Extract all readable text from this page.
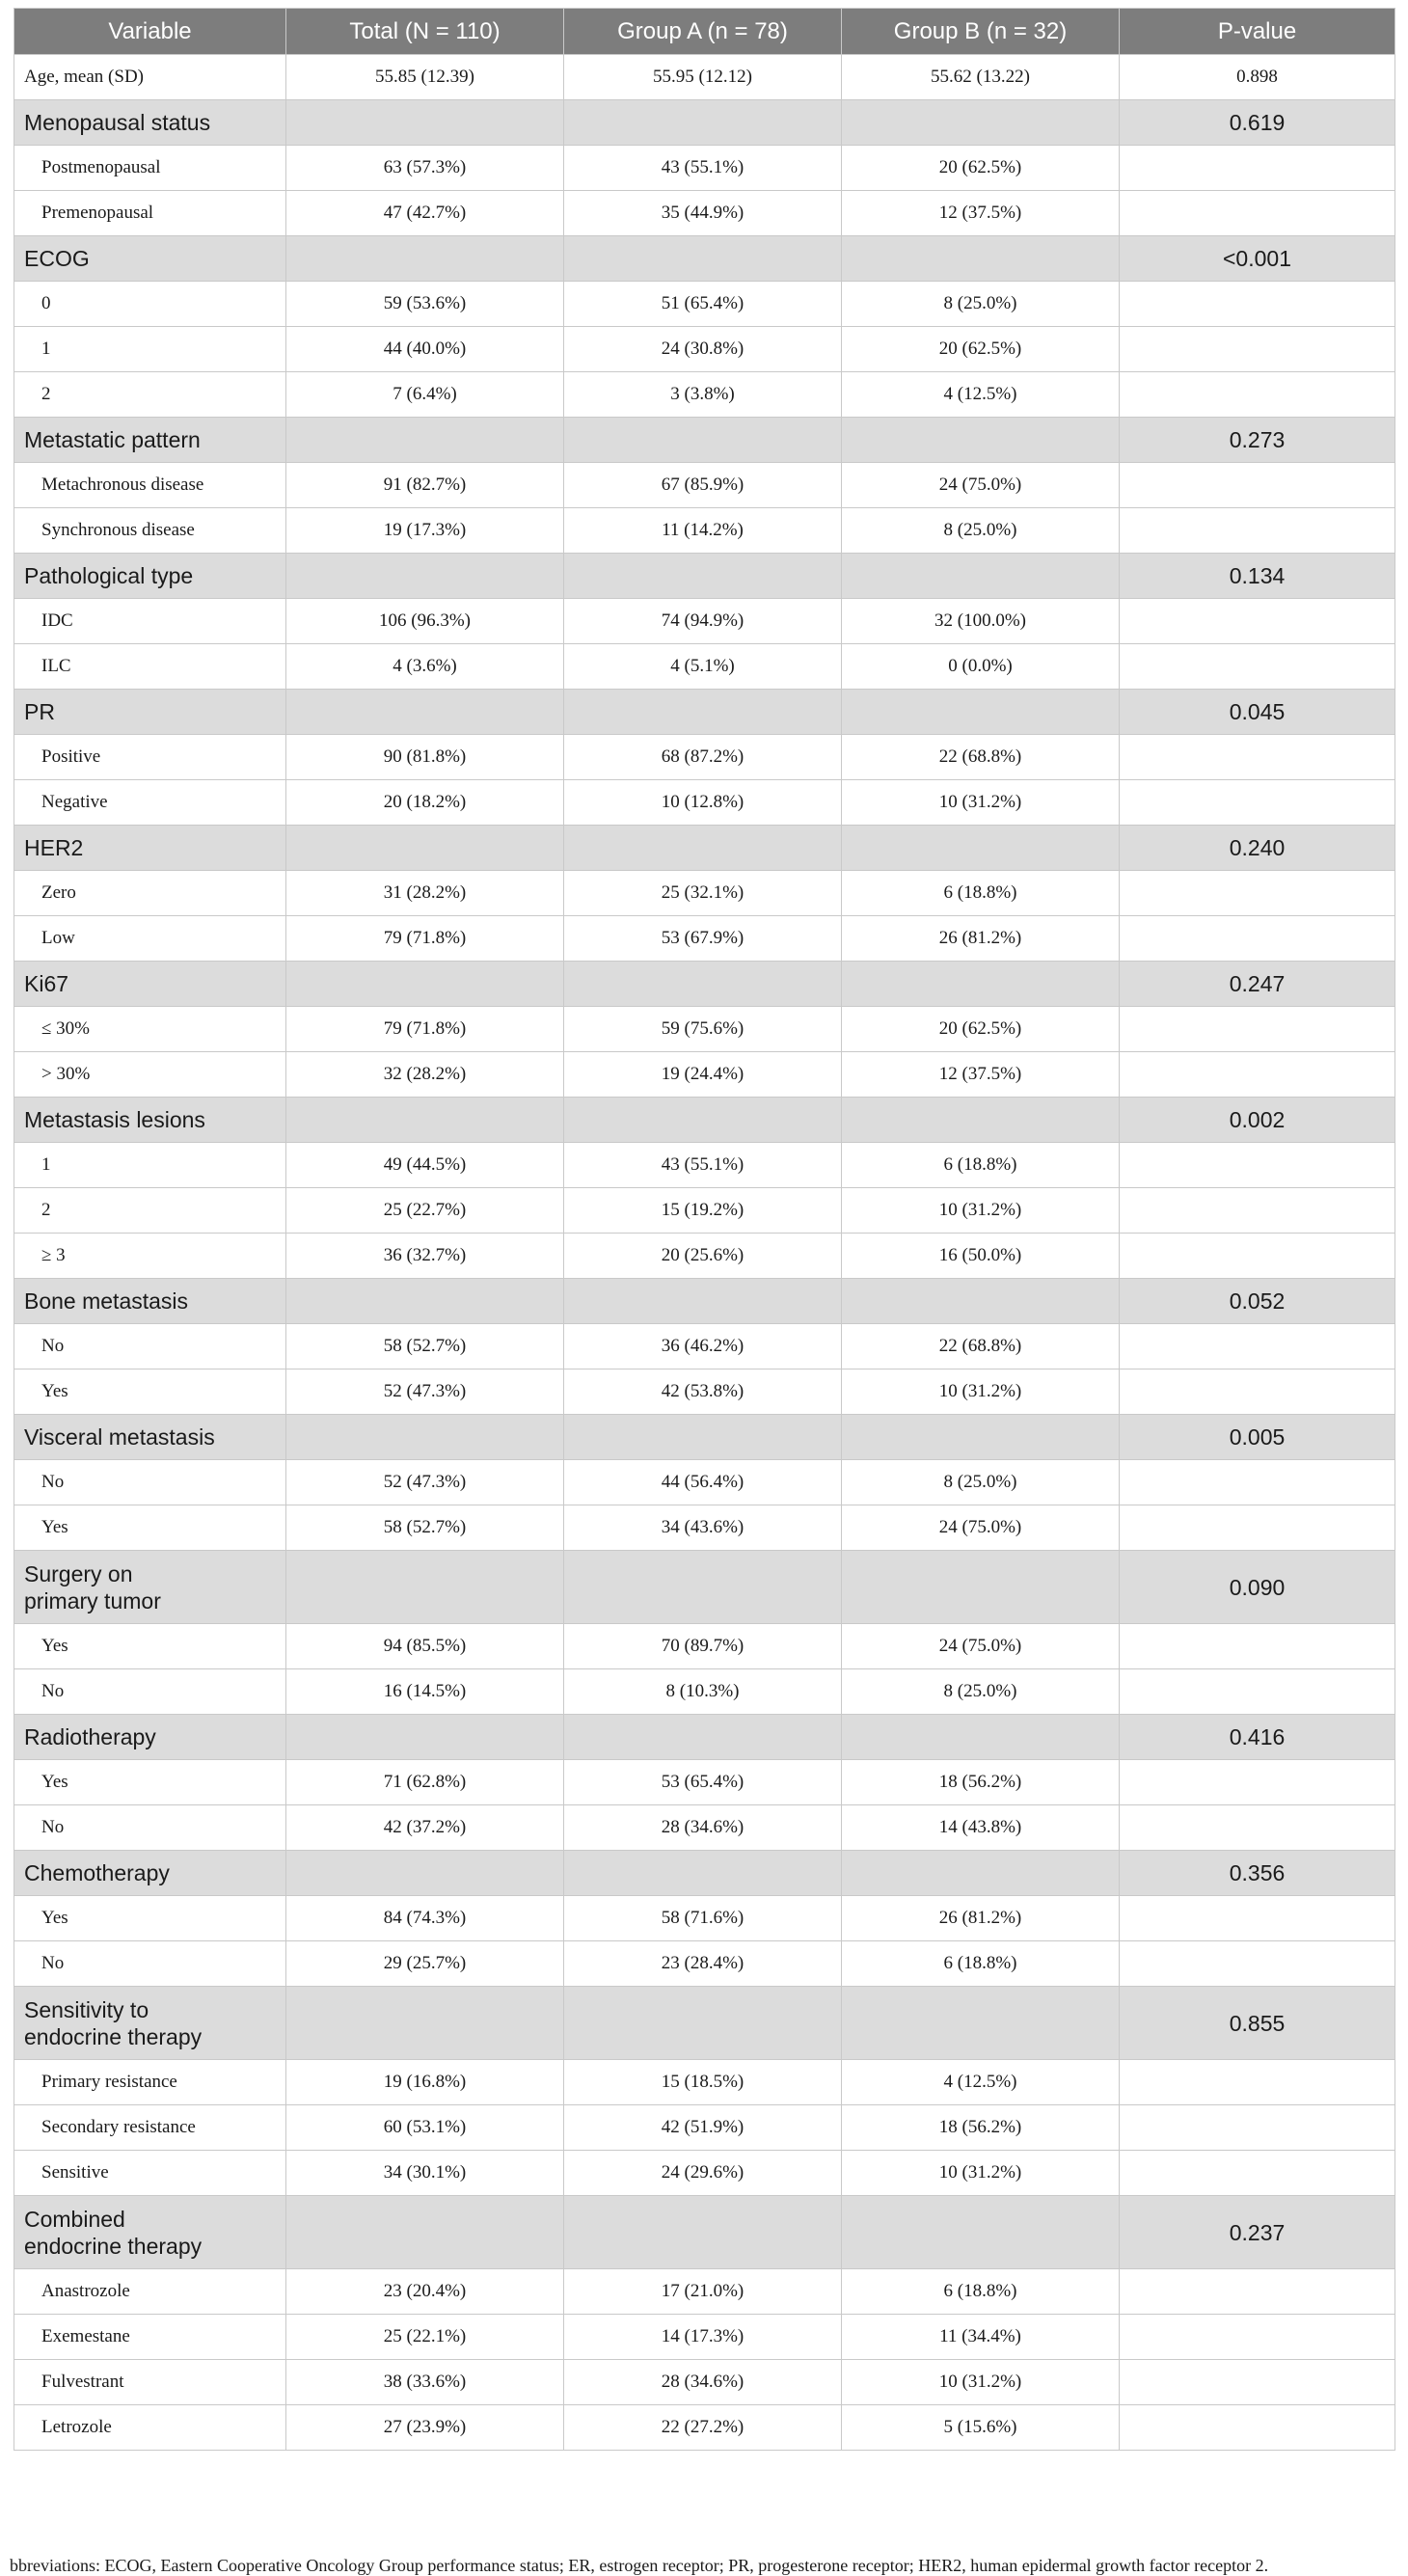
Variable	Total (N = 110)	Group A (n = 78)	Group B (n = 32)	P-value
Age, mean (SD)	55.85 (12.39)	55.95 (12.12)	55.62 (13.22)	0.898
Menopausal status				0.619
Postmenopausal	63 (57.3%)	43 (55.1%)	20 (62.5%)	
Premenopausal	47 (42.7%)	35 (44.9%)	12 (37.5%)	
ECOG				<0.001
0	59 (53.6%)	51 (65.4%)	8 (25.0%)	
1	44 (40.0%)	24 (30.8%)	20 (62.5%)	
2	7 (6.4%)	3 (3.8%)	4 (12.5%)	
Metastatic pattern				0.273
Metachronous disease	91 (82.7%)	67 (85.9%)	24 (75.0%)	
Synchronous disease	19 (17.3%)	11 (14.2%)	8 (25.0%)	
Pathological type				0.134
IDC	106 (96.3%)	74 (94.9%)	32 (100.0%)	
ILC	4 (3.6%)	4 (5.1%)	0 (0.0%)	
PR				0.045
Positive	90 (81.8%)	68 (87.2%)	22 (68.8%)	
Negative	20 (18.2%)	10 (12.8%)	10 (31.2%)	
HER2				0.240
Zero	31 (28.2%)	25 (32.1%)	6 (18.8%)	
Low	79 (71.8%)	53 (67.9%)	26 (81.2%)	
Ki67				0.247
≤ 30%	79 (71.8%)	59 (75.6%)	20 (62.5%)	
> 30%	32 (28.2%)	19 (24.4%)	12 (37.5%)	
Metastasis lesions				0.002
1	49 (44.5%)	43 (55.1%)	6 (18.8%)	
2	25 (22.7%)	15 (19.2%)	10 (31.2%)	
≥ 3	36 (32.7%)	20 (25.6%)	16 (50.0%)	
Bone metastasis				0.052
No	58 (52.7%)	36 (46.2%)	22 (68.8%)	
Yes	52 (47.3%)	42 (53.8%)	10 (31.2%)	
Visceral metastasis				0.005
No	52 (47.3%)	44 (56.4%)	8 (25.0%)	
Yes	58 (52.7%)	34 (43.6%)	24 (75.0%)	
Surgery on
primary tumor				0.090
Yes	94 (85.5%)	70 (89.7%)	24 (75.0%)	
No	16 (14.5%)	8 (10.3%)	8 (25.0%)	
Radiotherapy				0.416
Yes	71 (62.8%)	53 (65.4%)	18 (56.2%)	
No	42 (37.2%)	28 (34.6%)	14 (43.8%)	
Chemotherapy				0.356
Yes	84 (74.3%)	58 (71.6%)	26 (81.2%)	
No	29 (25.7%)	23 (28.4%)	6 (18.8%)	
Sensitivity to
endocrine therapy				0.855
Primary resistance	19 (16.8%)	15 (18.5%)	4 (12.5%)	
Secondary resistance	60 (53.1%)	42 (51.9%)	18 (56.2%)	
Sensitive	34 (30.1%)	24 (29.6%)	10 (31.2%)	
Combined
endocrine therapy				0.237
Anastrozole	23 (20.4%)	17 (21.0%)	6 (18.8%)	
Exemestane	25 (22.1%)	14 (17.3%)	11 (34.4%)	
Fulvestrant	38 (33.6%)	28 (34.6%)	10 (31.2%)	
Letrozole	27 (23.9%)	22 (27.2%)	5 (15.6%)	
bbreviations: ECOG, Eastern Cooperative Oncology Group performance status; ER, estrogen receptor; PR, progesterone receptor; HER2, human epidermal growth factor receptor 2.
